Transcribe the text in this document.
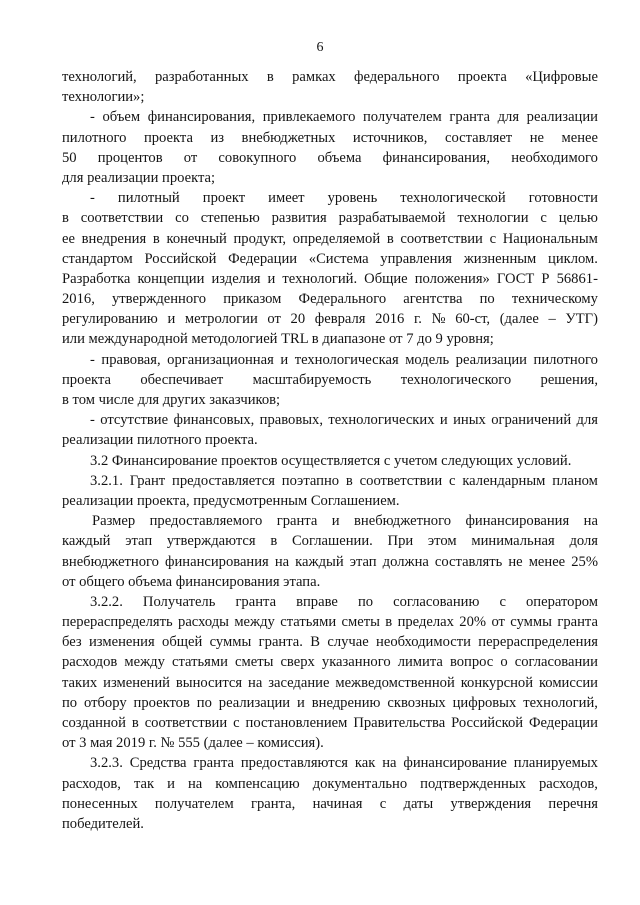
6
технологий, разработанных в рамках федерального проекта «Цифровые
технологии»;
- объем финансирования, привлекаемого получателем гранта для реализации
пилотного проекта из внебюджетных источников, составляет не менее
50 процентов от совокупного объема финансирования, необходимого
для реализации проекта;
- пилотный проект имеет уровень технологической готовности
в соответствии со степенью развития разрабатываемой технологии с целью
ее внедрения в конечный продукт, определяемой в соответствии с Национальным
стандартом Российской Федерации «Система управления жизненным циклом.
Разработка концепции изделия и технологий. Общие положения» ГОСТ Р 56861-
2016, утвержденного приказом Федерального агентства по техническому
регулированию и метрологии от 20 февраля 2016 г. № 60-ст, (далее – УТГ)
или международной методологией TRL в диапазоне от 7 до 9 уровня;
- правовая, организационная и технологическая модель реализации пилотного
проекта обеспечивает масштабируемость технологического решения,
в том числе для других заказчиков;
- отсутствие финансовых, правовых, технологических и иных ограничений для
реализации пилотного проекта.
3.2 Финансирование проектов осуществляется с учетом следующих условий.
3.2.1. Грант предоставляется поэтапно в соответствии с календарным планом
реализации проекта, предусмотренным Соглашением.
Размер предоставляемого гранта и внебюджетного финансирования на
каждый этап утверждаются в Соглашении. При этом минимальная доля
внебюджетного финансирования на каждый этап должна составлять не менее 25%
от общего объема финансирования этапа.
3.2.2. Получатель гранта вправе по согласованию с оператором
перераспределять расходы между статьями сметы в пределах 20% от суммы гранта
без изменения общей суммы гранта. В случае необходимости перераспределения
расходов между статьями сметы сверх указанного лимита вопрос о согласовании
таких изменений выносится на заседание межведомственной конкурсной комиссии
по отбору проектов по реализации и внедрению сквозных цифровых технологий,
созданной в соответствии с постановлением Правительства Российской Федерации
от 3 мая 2019 г. № 555 (далее – комиссия).
3.2.3. Средства гранта предоставляются как на финансирование планируемых
расходов, так и на компенсацию документально подтвержденных расходов,
понесенных получателем гранта, начиная с даты утверждения перечня
победителей.
